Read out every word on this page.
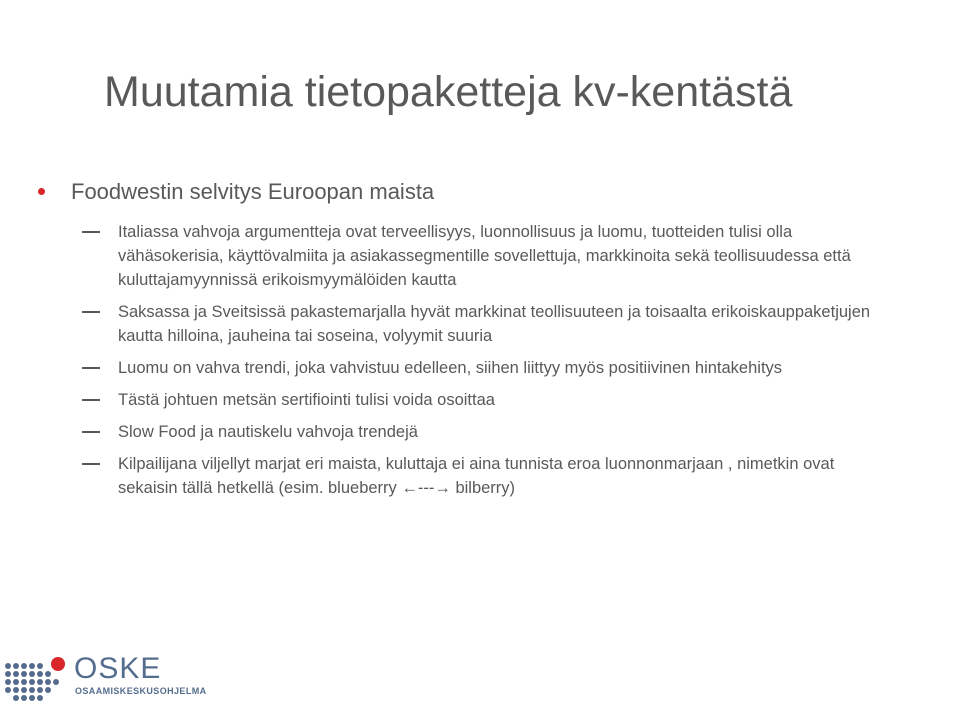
Muutamia tietopaketteja kv-kentästä
Foodwestin selvitys Euroopan maista
Italiassa vahvoja argumentteja ovat terveellisyys, luonnollisuus ja luomu, tuotteiden tulisi olla vähäsokerisia, käyttövalmiita ja asiakassegmentille sovellettuja, markkinoita sekä teollisuudessa että kuluttajamyynnissä erikoismyymälöiden kautta
Saksassa ja Sveitsissä pakastemarjalla hyvät markkinat teollisuuteen ja toisaalta erikoiskauppaketjujen kautta hilloina, jauheina tai soseina, volyymit suuria
Luomu on vahva trendi, joka vahvistuu edelleen, siihen liittyy myös positiivinen hintakehitys
Tästä johtuen metsän sertifiointi tulisi voida osoittaa
Slow Food ja nautiskelu vahvoja trendejä
Kilpailijana viljellyt marjat eri maista, kuluttaja ei aina tunnista eroa luonnonmarjaan , nimetkin ovat sekaisin tällä hetkellä (esim. blueberry ←---→ bilberry)
OSKE
OSAAMISKESKUSOHJELMA
